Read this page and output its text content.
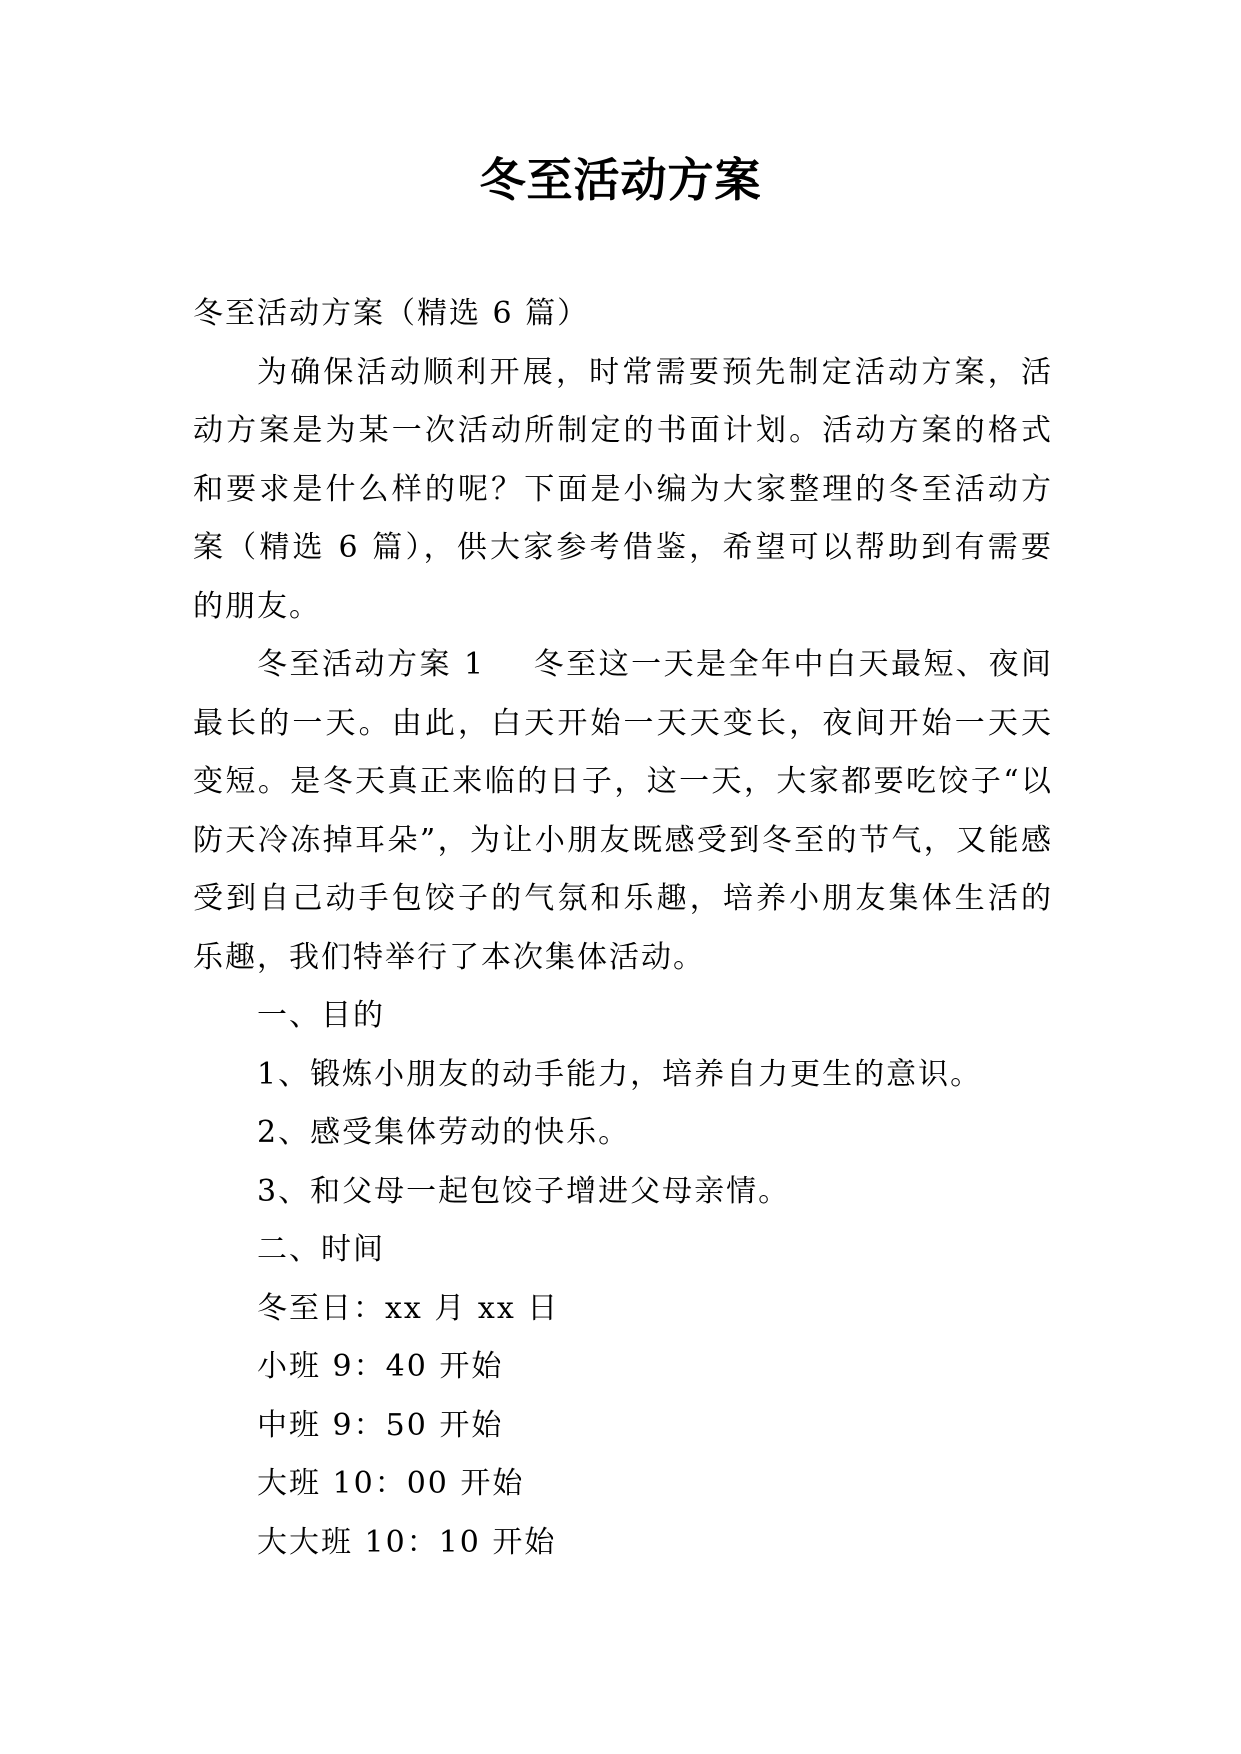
冬至活动方案

冬至活动方案（精选 6 篇）

为确保活动顺利开展，时常需要预先制定活动方案，活动方案是为某一次活动所制定的书面计划。活动方案的格式和要求是什么样的呢？下面是小编为大家整理的冬至活动方案（精选 6 篇），供大家参考借鉴，希望可以帮助到有需要的朋友。

冬至活动方案 1 冬至这一天是全年中白天最短、夜间最长的一天。由此，白天开始一天天变长，夜间开始一天天变短。是冬天真正来临的日子，这一天，大家都要吃饺子“以防天冷冻掉耳朵”，为让小朋友既感受到冬至的节气，又能感受到自己动手包饺子的气氛和乐趣，培养小朋友集体生活的乐趣，我们特举行了本次集体活动。

一、目的

1、锻炼小朋友的动手能力，培养自力更生的意识。

2、感受集体劳动的快乐。

3、和父母一起包饺子增进父母亲情。

二、时间

冬至日：xx 月 xx 日

小班 9：40 开始

中班 9：50 开始

大班 10：00 开始

大大班 10：10 开始
